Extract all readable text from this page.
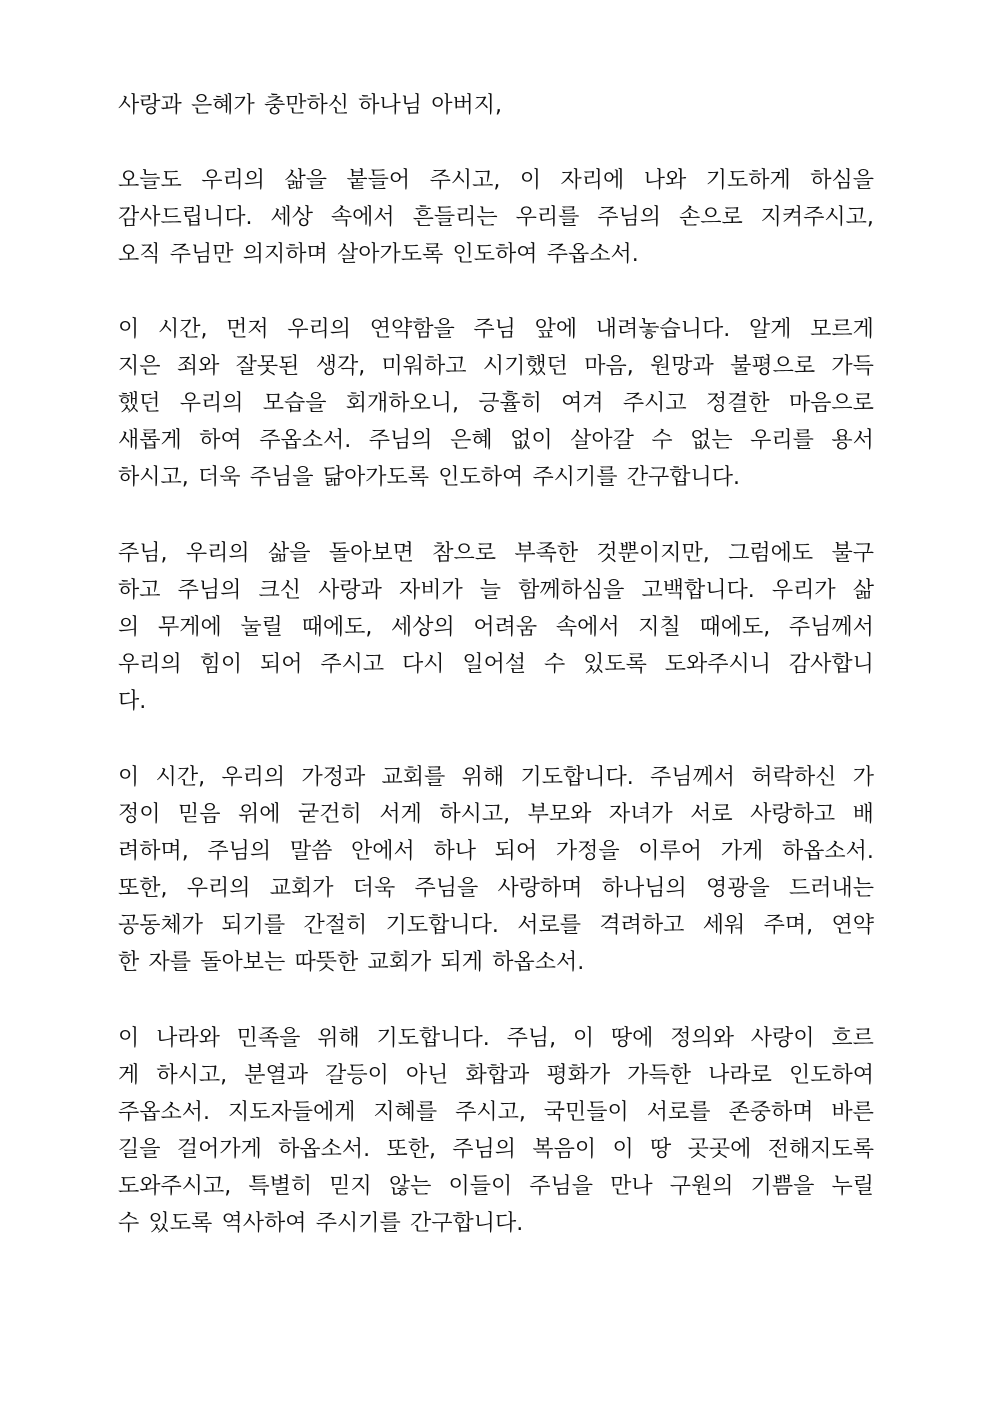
사랑과 은혜가 충만하신 하나님 아버지,
오늘도 우리의 삶을 붙들어 주시고, 이 자리에 나와 기도하게 하심을
감사드립니다. 세상 속에서 흔들리는 우리를 주님의 손으로 지켜주시고,
오직 주님만 의지하며 살아가도록 인도하여 주옵소서.
이 시간, 먼저 우리의 연약함을 주님 앞에 내려놓습니다. 알게 모르게
지은 죄와 잘못된 생각, 미워하고 시기했던 마음, 원망과 불평으로 가득
했던 우리의 모습을 회개하오니, 긍휼히 여겨 주시고 정결한 마음으로
새롭게 하여 주옵소서. 주님의 은혜 없이 살아갈 수 없는 우리를 용서
하시고, 더욱 주님을 닮아가도록 인도하여 주시기를 간구합니다.
주님, 우리의 삶을 돌아보면 참으로 부족한 것뿐이지만, 그럼에도 불구
하고 주님의 크신 사랑과 자비가 늘 함께하심을 고백합니다. 우리가 삶
의 무게에 눌릴 때에도, 세상의 어려움 속에서 지칠 때에도, 주님께서
우리의 힘이 되어 주시고 다시 일어설 수 있도록 도와주시니 감사합니
다.
이 시간, 우리의 가정과 교회를 위해 기도합니다. 주님께서 허락하신 가
정이 믿음 위에 굳건히 서게 하시고, 부모와 자녀가 서로 사랑하고 배
려하며, 주님의 말씀 안에서 하나 되어 가정을 이루어 가게 하옵소서.
또한, 우리의 교회가 더욱 주님을 사랑하며 하나님의 영광을 드러내는
공동체가 되기를 간절히 기도합니다. 서로를 격려하고 세워 주며, 연약
한 자를 돌아보는 따뜻한 교회가 되게 하옵소서.
이 나라와 민족을 위해 기도합니다. 주님, 이 땅에 정의와 사랑이 흐르
게 하시고, 분열과 갈등이 아닌 화합과 평화가 가득한 나라로 인도하여
주옵소서. 지도자들에게 지혜를 주시고, 국민들이 서로를 존중하며 바른
길을 걸어가게 하옵소서. 또한, 주님의 복음이 이 땅 곳곳에 전해지도록
도와주시고, 특별히 믿지 않는 이들이 주님을 만나 구원의 기쁨을 누릴
수 있도록 역사하여 주시기를 간구합니다.
